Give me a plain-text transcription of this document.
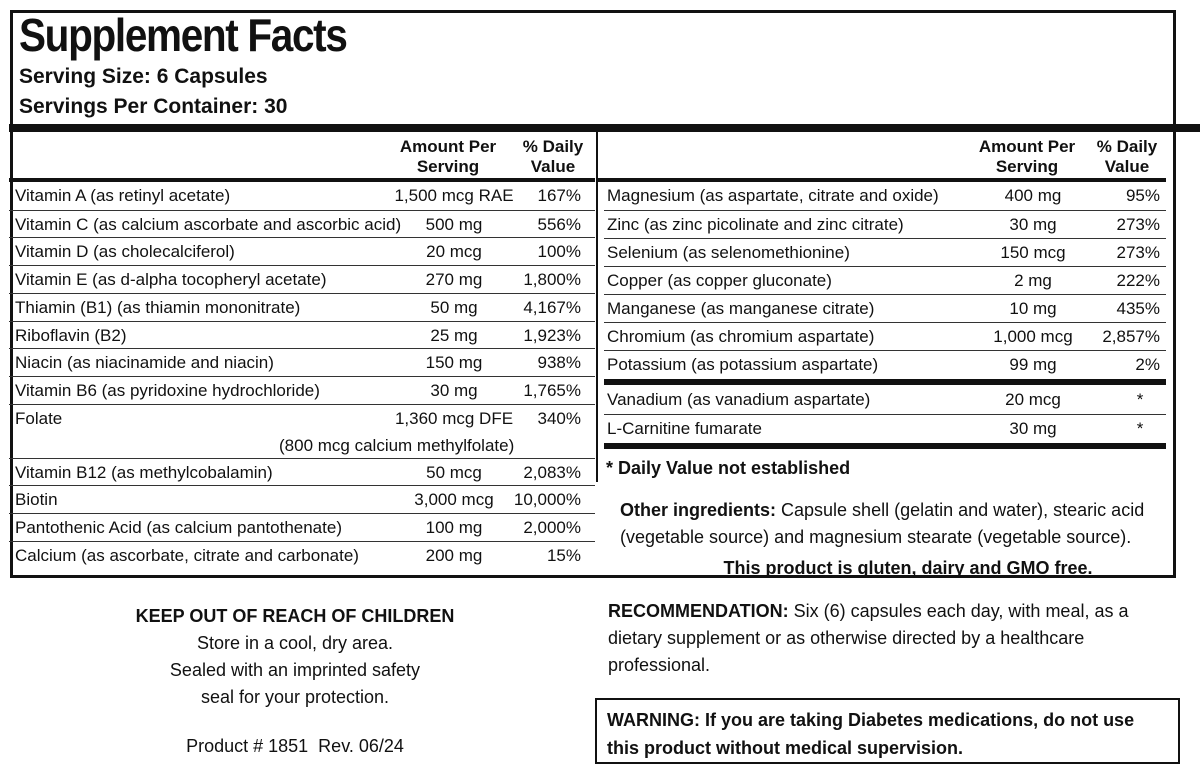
Supplement Facts
Serving Size: 6 Capsules
Servings Per Container: 30
Amount Per
Serving
% Daily
Value
Vitamin A (as retinyl acetate)	1,500 mcg RAE	167%
Vitamin C (as calcium ascorbate and ascorbic acid)	500 mg	556%
Vitamin D (as cholecalciferol)	20 mcg	100%
Vitamin E (as d-alpha tocopheryl acetate)	270 mg	1,800%
Thiamin (B1) (as thiamin mononitrate)	50 mg	4,167%
Riboflavin (B2)	25 mg	1,923%
Niacin (as niacinamide and niacin)	150 mg	938%
Vitamin B6 (as pyridoxine hydrochloride)	30 mg	1,765%
Folate	1,360 mcg DFE	340%
(800 mcg calcium methylfolate)
Vitamin B12 (as methylcobalamin)	50 mcg	2,083%
Biotin	3,000 mcg	10,000%
Pantothenic Acid (as calcium pantothenate)	100 mg	2,000%
Calcium (as ascorbate, citrate and carbonate)	200 mg	15%
Amount Per
Serving
% Daily
Value
Magnesium (as aspartate, citrate and oxide)	400 mg	95%
Zinc (as zinc picolinate and zinc citrate)	30 mg	273%
Selenium (as selenomethionine)	150 mcg	273%
Copper (as copper gluconate)	2 mg	222%
Manganese (as manganese citrate)	10 mg	435%
Chromium (as chromium aspartate)	1,000 mcg	2,857%
Potassium (as potassium aspartate)	99 mg	2%
Vanadium (as vanadium aspartate)	20 mcg	*
L-Carnitine fumarate	30 mg	*
* Daily Value not established
Other ingredients: Capsule shell (gelatin and water), stearic acid (vegetable source) and magnesium stearate (vegetable source).
This product is gluten, dairy and GMO free.
KEEP OUT OF REACH OF CHILDREN
Store in a cool, dry area.
Sealed with an imprinted safety
seal for your protection.
Product # 1851  Rev. 06/24
RECOMMENDATION: Six (6) capsules each day, with meal, as a dietary supplement or as otherwise directed by a healthcare professional.
WARNING: If you are taking Diabetes medications, do not use this product without medical supervision.
